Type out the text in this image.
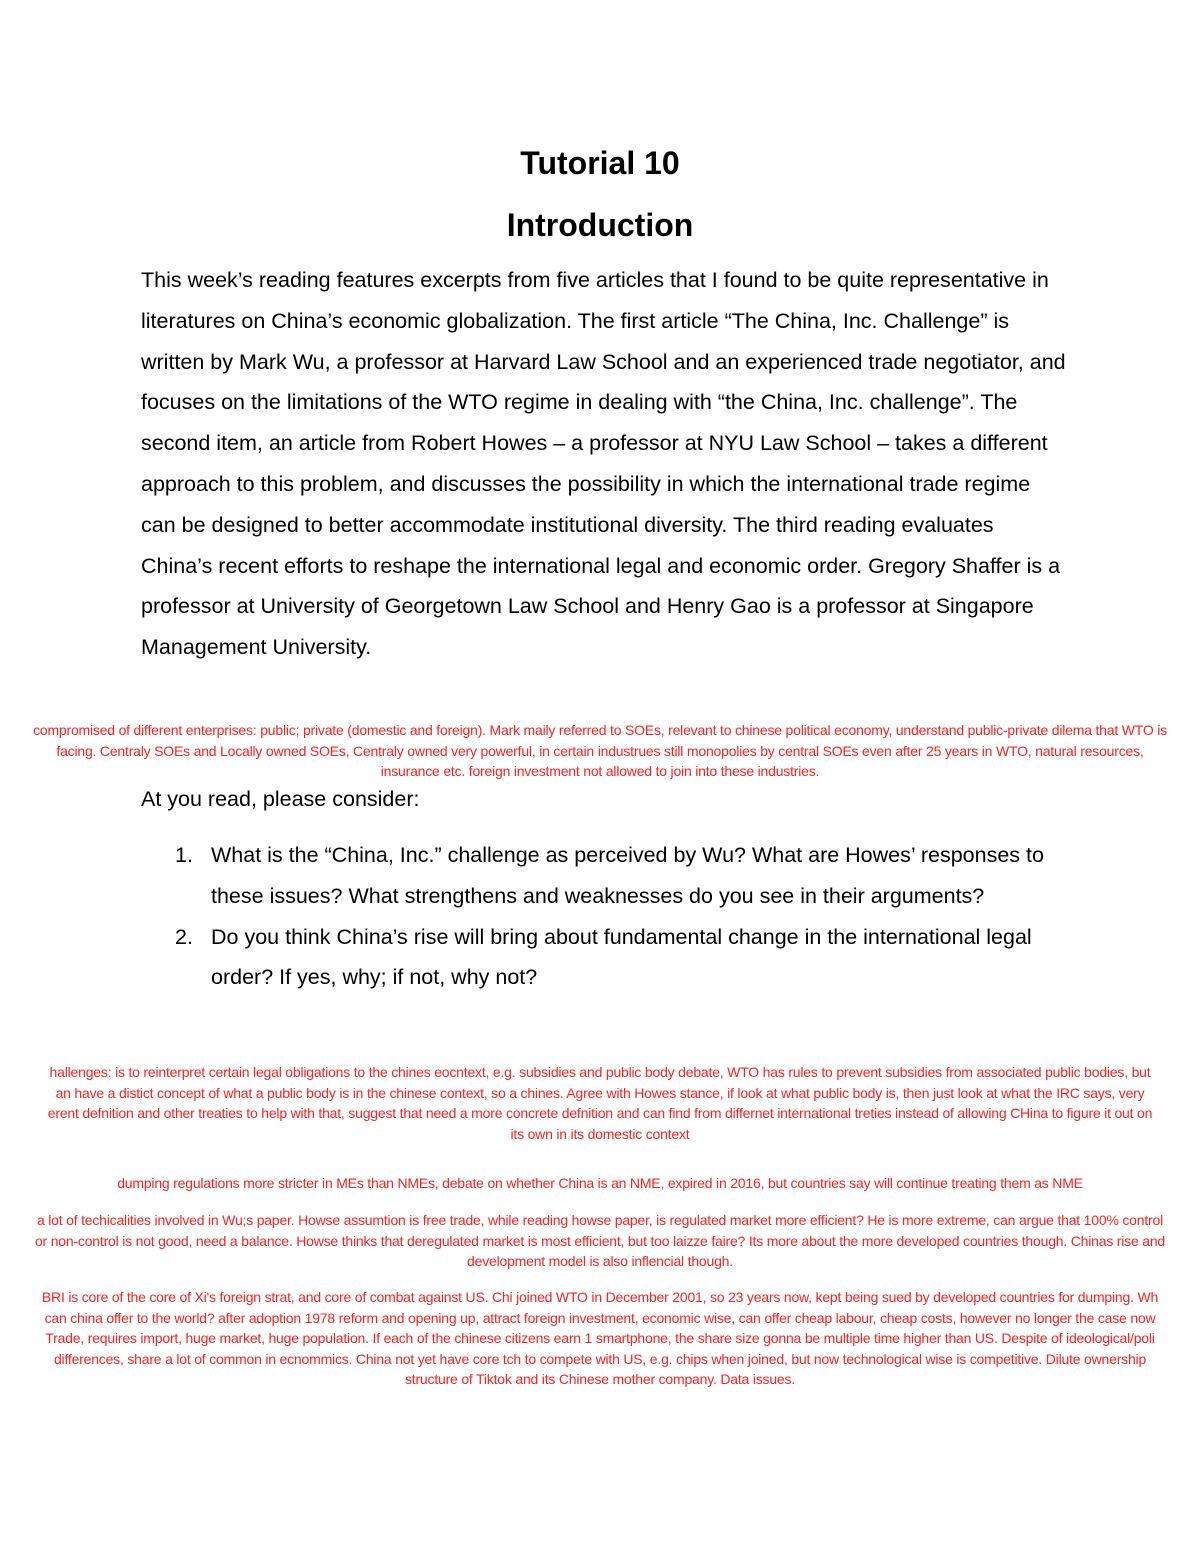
Tutorial 10
Introduction

This week’s reading features excerpts from five articles that I found to be quite representative in literatures on China’s economic globalization. The first article “The China, Inc. Challenge” is written by Mark Wu, a professor at Harvard Law School and an experienced trade negotiator, and focuses on the limitations of the WTO regime in dealing with “the China, Inc. challenge”. The second item, an article from Robert Howes – a professor at NYU Law School – takes a different approach to this problem, and discusses the possibility in which the international trade regime can be designed to better accommodate institutional diversity. The third reading evaluates China’s recent efforts to reshape the international legal and economic order. Gregory Shaffer is a professor at University of Georgetown Law School and Henry Gao is a professor at Singapore Management University.

compromised of different enterprises: public; private (domestic and foreign). Mark maily referred to SOEs, relevant to chinese political economy, understand public-private dilema that WTO is
facing. Centraly SOEs and Locally owned SOEs, Centraly owned very powerful, in certain industrues still monopolies by central SOEs even after 25 years in WTO, natural resources,
insurance etc. foreign investment not allowed to join into these industries.

At you read, please consider:

1. What is the “China, Inc.” challenge as perceived by Wu? What are Howes’ responses to these issues? What strengthens and weaknesses do you see in their arguments?
2. Do you think China’s rise will bring about fundamental change in the international legal order? If yes, why; if not, why not?

hallenges: is to reinterpret certain legal obligations to the chines eocntext, e.g. subsidies and public body debate, WTO has rules to prevent subsidies from associated public bodies, but
an have a distict concept of what a public body is in the chinese context, so a chines. Agree with Howes stance, if look at what public body is, then just look at what the IRC says, very
erent defnition and other treaties to help with that, suggest that need a more concrete defnition and can find from differnet international treties instead of allowing CHina to figure it out on
its own in its domestic context

dumping regulations more stricter in MEs than NMEs, debate on whether China is an NME, expired in 2016, but countries say will continue treating them as NME

a lot of techicalities involved in Wu;s paper. Howse assumtion is free trade, while reading howse paper, is regulated market more efficient? He is more extreme, can argue that 100% control
or non-control is not good, need a balance. Howse thinks that deregulated market is most efficient, but too laizze faire? Its more about the more developed countries though. Chinas rise and
development model is also inflencial though.

BRI is core of the core of Xi's foreign strat, and core of combat against US. Chi joined WTO in December 2001, so 23 years now, kept being sued by developed countries for dumping. Wh
can china offer to the world? after adoption 1978 reform and opening up, attract foreign investment, economic wise, can offer cheap labour, cheap costs, however no longer the case now
Trade, requires import, huge market, huge population. If each of the chinese citizens earn 1 smartphone, the share size gonna be multiple time higher than US. Despite of ideological/poli
differences, share a lot of common in ecnommics. China not yet have core tch to compete with US, e.g. chips when joined, but now technological wise is competitive. Dilute ownership
structure of Tiktok and its Chinese mother company. Data issues.
